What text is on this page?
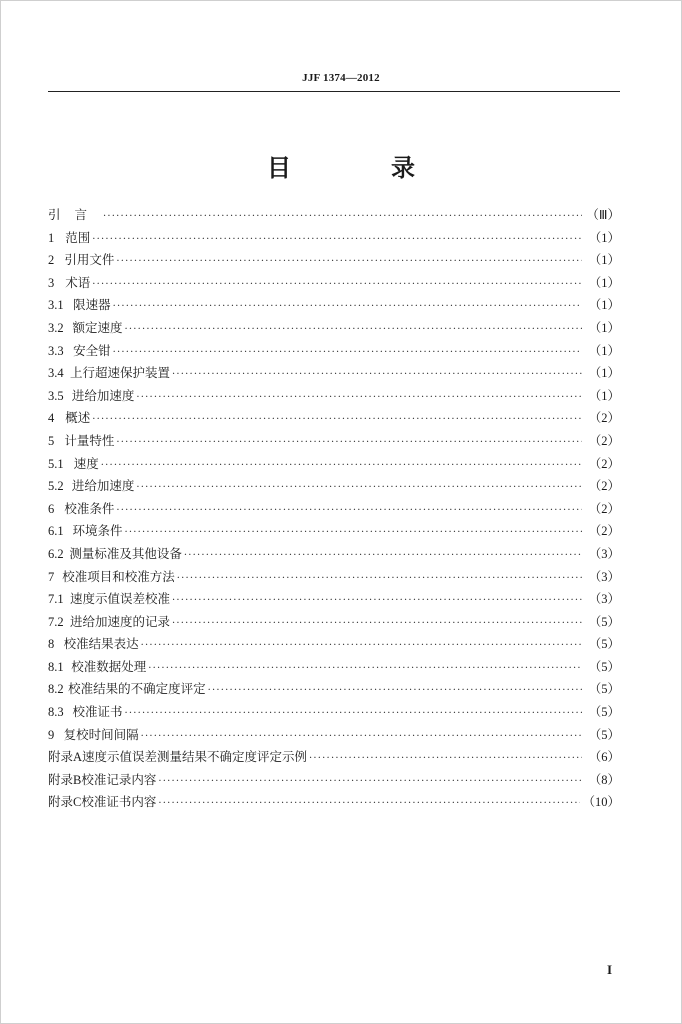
JJF 1374—2012
目　录
引言 ·····	（Ⅲ）
1 范围 ·····	（1）
2 引用文件 ·····	（1）
3 术语 ·····	（1）
3.1 限速器 ·····	（1）
3.2 额定速度 ·····	（1）
3.3 安全钳 ·····	（1）
3.4 上行超速保护装置 ·····	（1）
3.5 进给加速度 ·····	（1）
4 概述 ·····	（2）
5 计量特性 ·····	（2）
5.1 速度 ·····	（2）
5.2 进给加速度 ·····	（2）
6 校准条件 ·····	（2）
6.1 环境条件 ·····	（2）
6.2 测量标准及其他设备 ·····	（3）
7 校准项目和校准方法 ·····	（3）
7.1 速度示值误差校准 ·····	（3）
7.2 进给加速度的记录 ·····	（5）
8 校准结果表达 ·····	（5）
8.1 校准数据处理 ·····	（5）
8.2 校准结果的不确定度评定 ·····	（5）
8.3 校准证书 ·····	（5）
9 复校时间间隔 ·····	（5）
附录A 速度示值误差测量结果不确定度评定示例 ·····	（6）
附录B 校准记录内容 ·····	（8）
附录C 校准证书内容 ·····	（10）
I
